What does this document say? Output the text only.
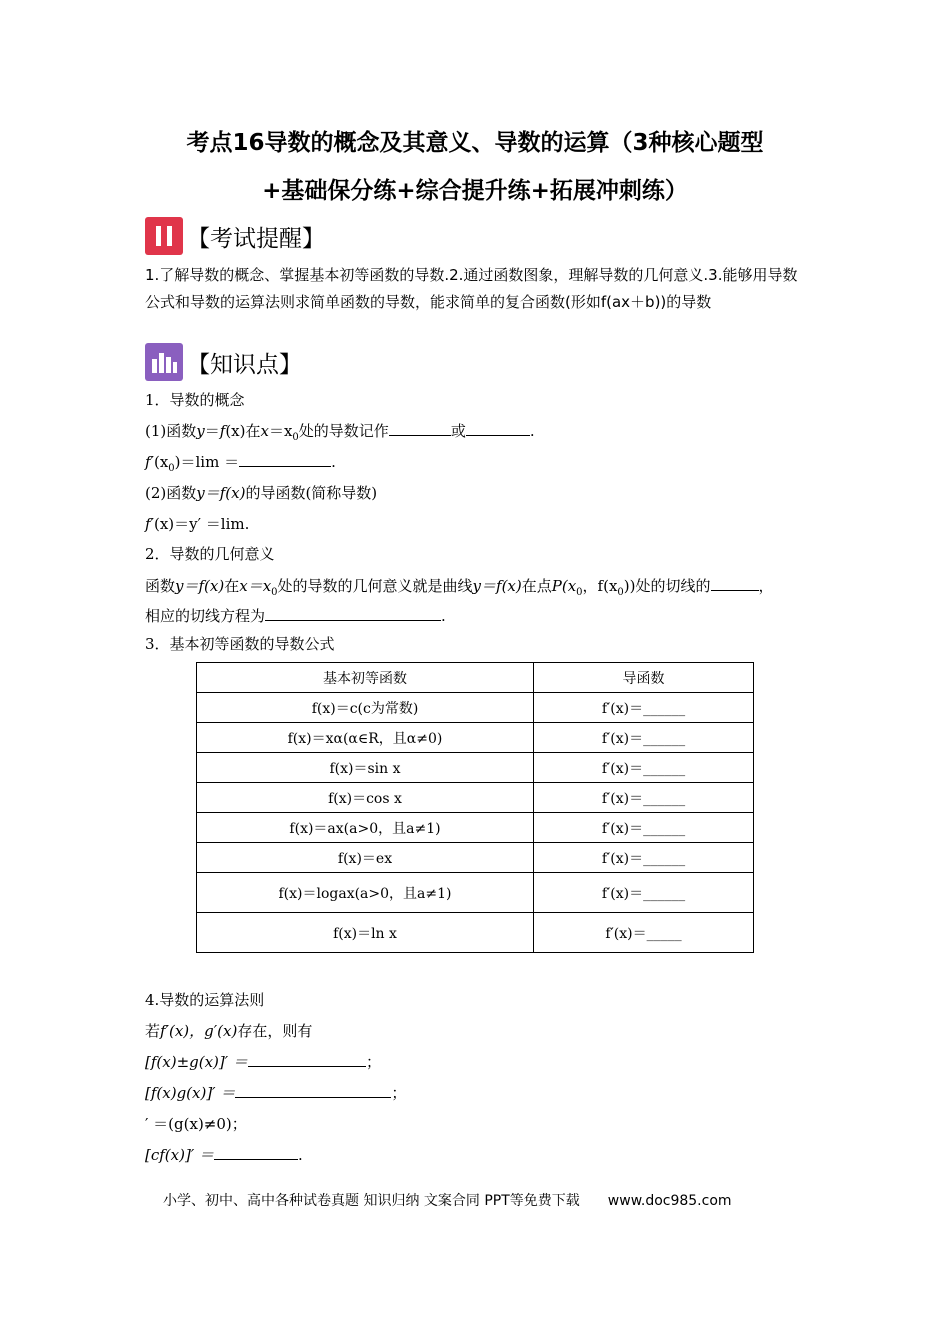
考点16导数的概念及其意义、导数的运算（3种核心题型
+基础保分练+综合提升练+拓展冲刺练）
【考试提醒】
1.了解导数的概念、掌握基本初等函数的导数.2.通过函数图象，理解导数的几何意义.3.能够用导数公式和导数的运算法则求简单函数的导数，能求简单的复合函数(形如f(ax＋b))的导数
【知识点】
1．导数的概念
(1)函数y＝f(x)在$x=x_0$处的导数记作	或	.
$f'(x_0)=\lim$ ＝	.
(2)函数y＝f(x)的导函数(简称导数)
f′(x)＝y′ ＝lim.
2．导数的几何意义
函数y＝f(x)在$x=x_0$处的导数的几何意义就是曲线y＝f(x)在点$P(x_0$，$f(x_0)$)处的切线的	，
相应的切线方程为	.
3．基本初等函数的导数公式
基本初等函数	导函数
f(x)＝c(c为常数)	f′(x)＝______
f(x)＝xα(α∈R，且α≠0)	f′(x)＝______
f(x)＝sin x	f′(x)＝______
f(x)＝cos x	f′(x)＝______
f(x)＝ax(a>0，且a≠1)	f′(x)＝______
f(x)＝ex	f′(x)＝______
f(x)＝logax(a>0，且a≠1)	f′(x)＝______
f(x)＝ln x	f′(x)＝_____
4.导数的运算法则
若f′(x)，g′(x)存在，则有
[f(x)±g(x)]′ ＝	；
[f(x)g(x)]′ ＝	；
′ ＝(g(x)≠0)；
[cf(x)]′ ＝	.
小学、初中、高中各种试卷真题 知识归纳 文案合同 PPT等免费下载 www.doc985.com
